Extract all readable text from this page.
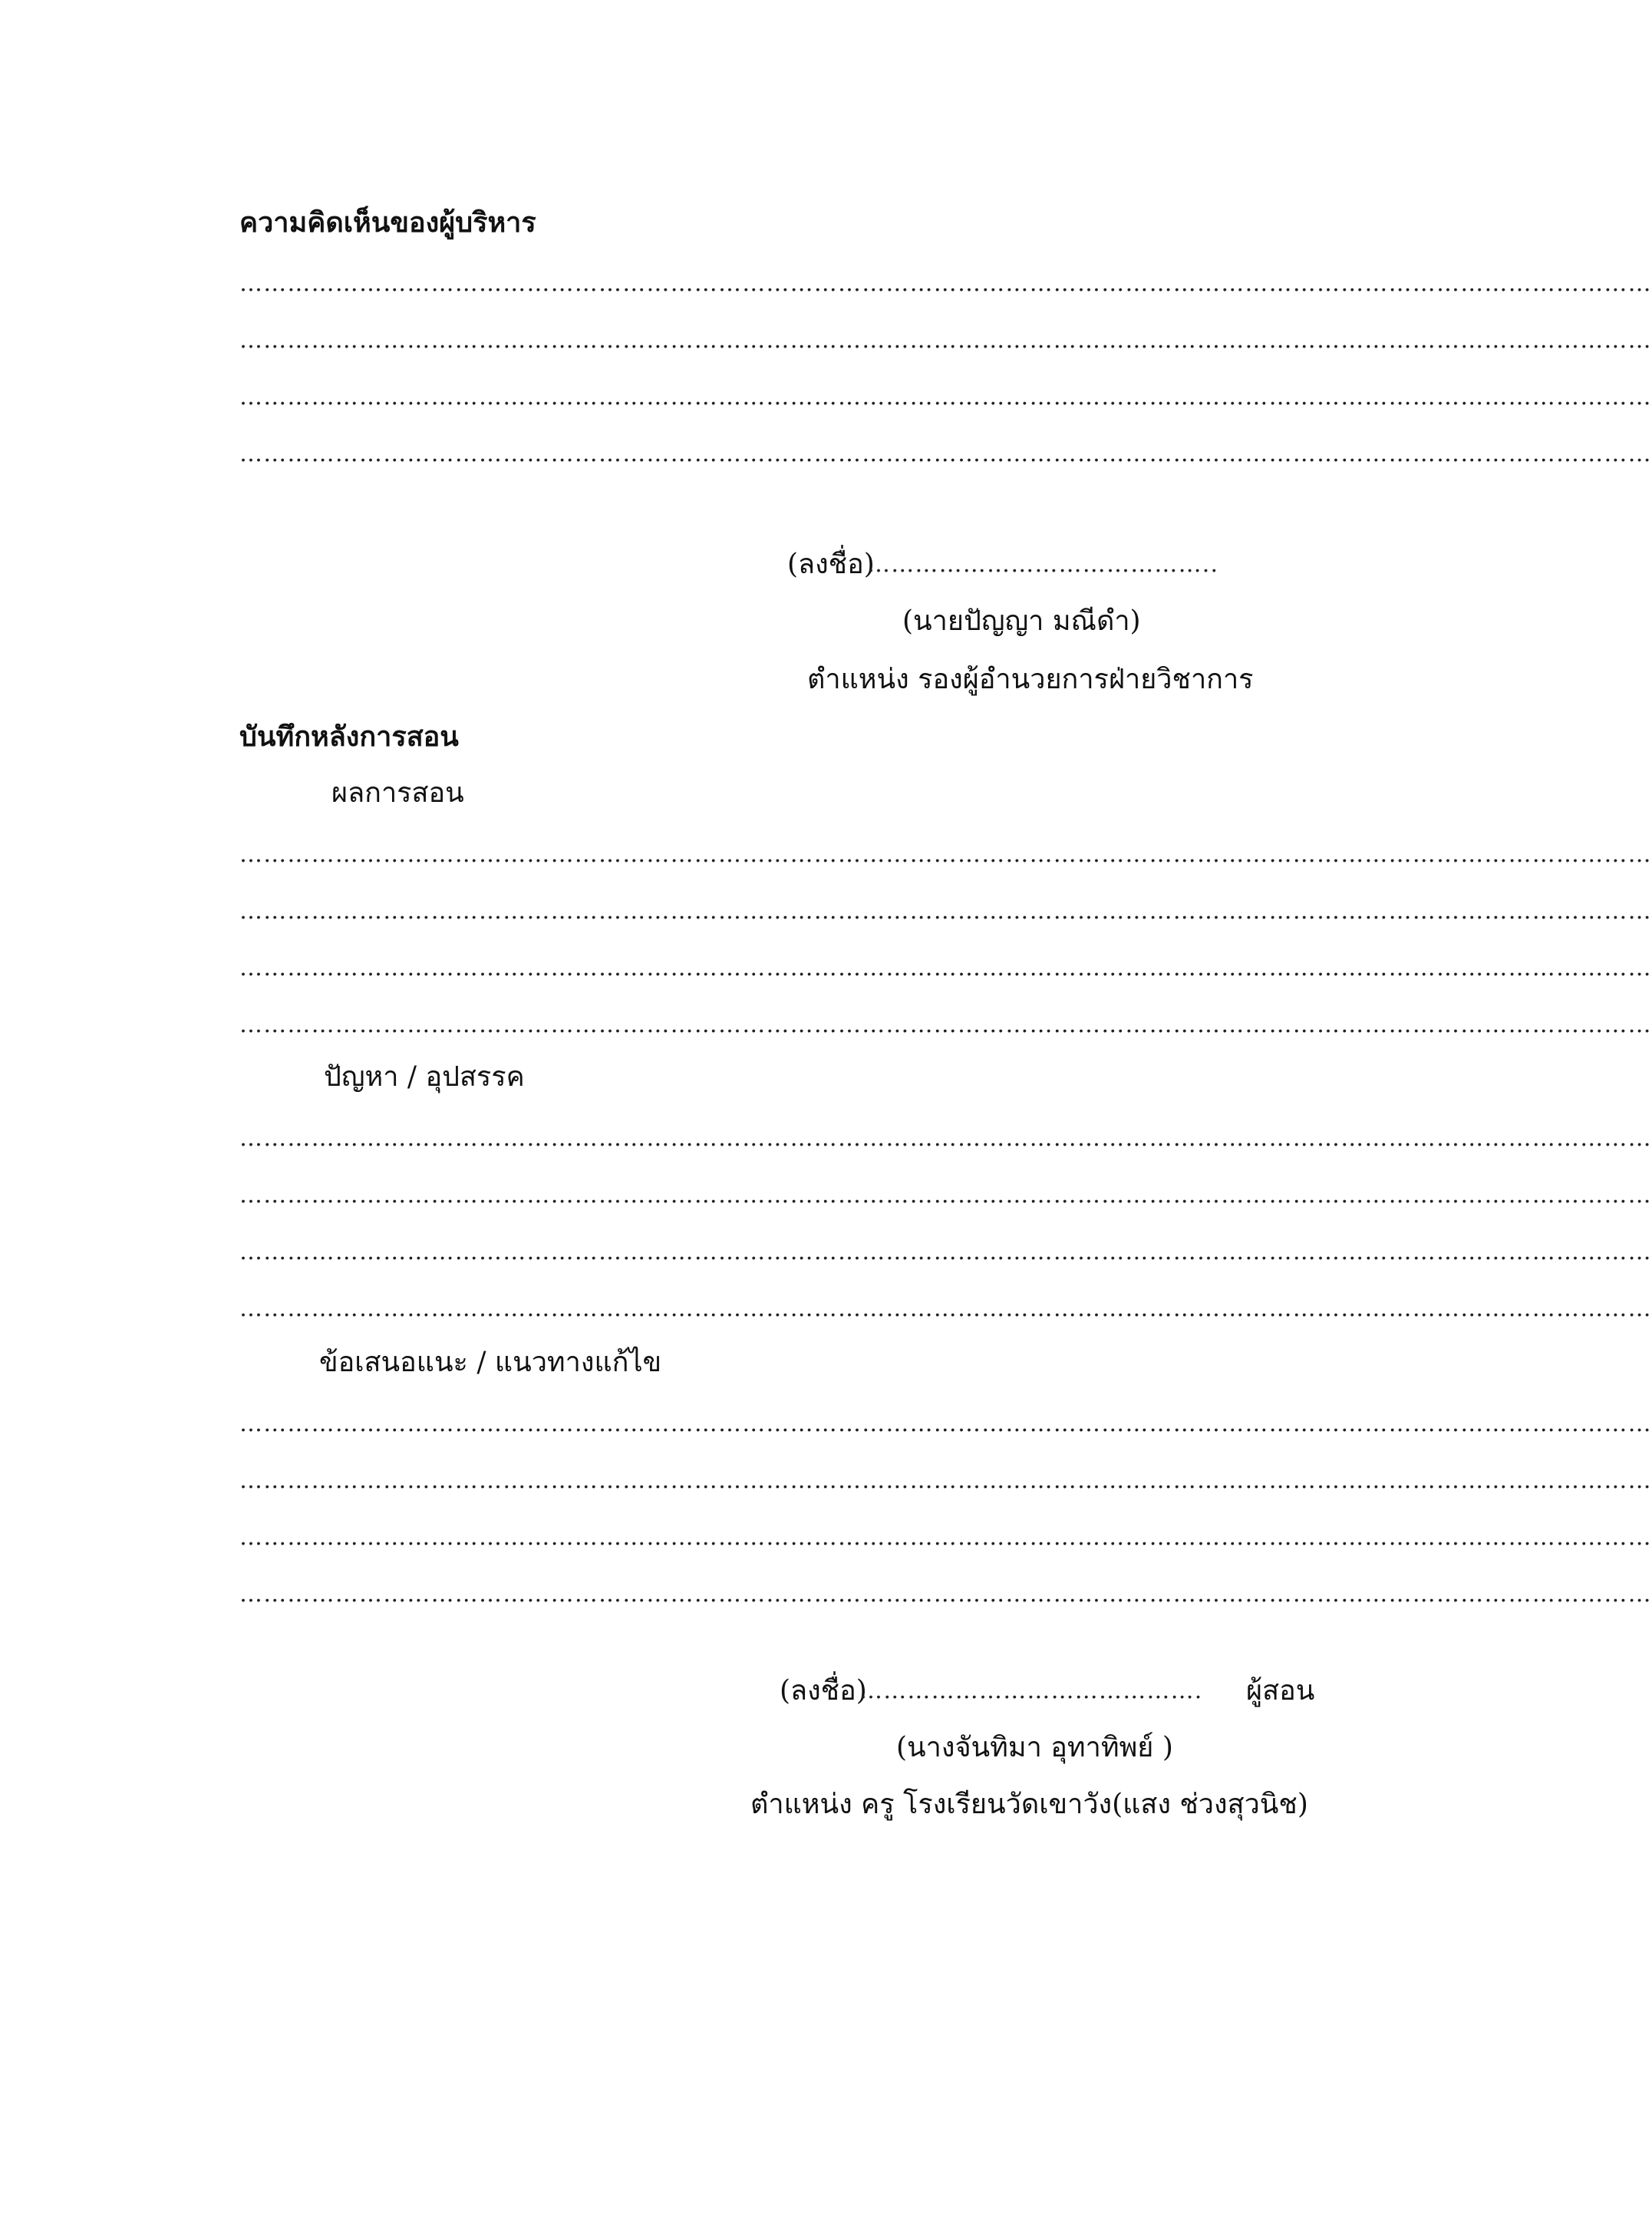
ความคิดเห็นของผู้บริหาร
……………………………………………………………………………………………………………………………………………………………
……………………………………………………………………………………………………………………………………………………………
……………………………………………………………………………………………………………………………………………………………
……………………………………………………………………………………………………………………………………………………………
(ลงชื่อ)
……………………………………..
(นายปัญญา มณีดำ)
ตำแหน่ง รองผู้อำนวยการฝ่ายวิชาการ
บันทึกหลังการสอน
ผลการสอน
……………………………………………………………………………………………………………………………………………………………
……………………………………………………………………………………………………………………………………………………………
……………………………………………………………………………………………………………………………………………………………
……………………………………………………………………………………………………………………………………………………………
ปัญหา / อุปสรรค
……………………………………………………………………………………………………………………………………………………………
……………………………………………………………………………………………………………………………………………………………
……………………………………………………………………………………………………………………………………………………………
……………………………………………………………………………………………………………………………………………………………
ข้อเสนอแนะ / แนวทางแก้ไข
……………………………………………………………………………………………………………………………………………………………
……………………………………………………………………………………………………………………………………………………………
……………………………………………………………………………………………………………………………………………………………
……………………………………………………………………………………………………………………………………………………………
(ลงชื่อ)
…………………………………….	ผู้สอน
(นางจันทิมา อุทาทิพย์ )
ตำแหน่ง ครู โรงเรียนวัดเขาวัง(แสง ช่วงสุวนิช)
